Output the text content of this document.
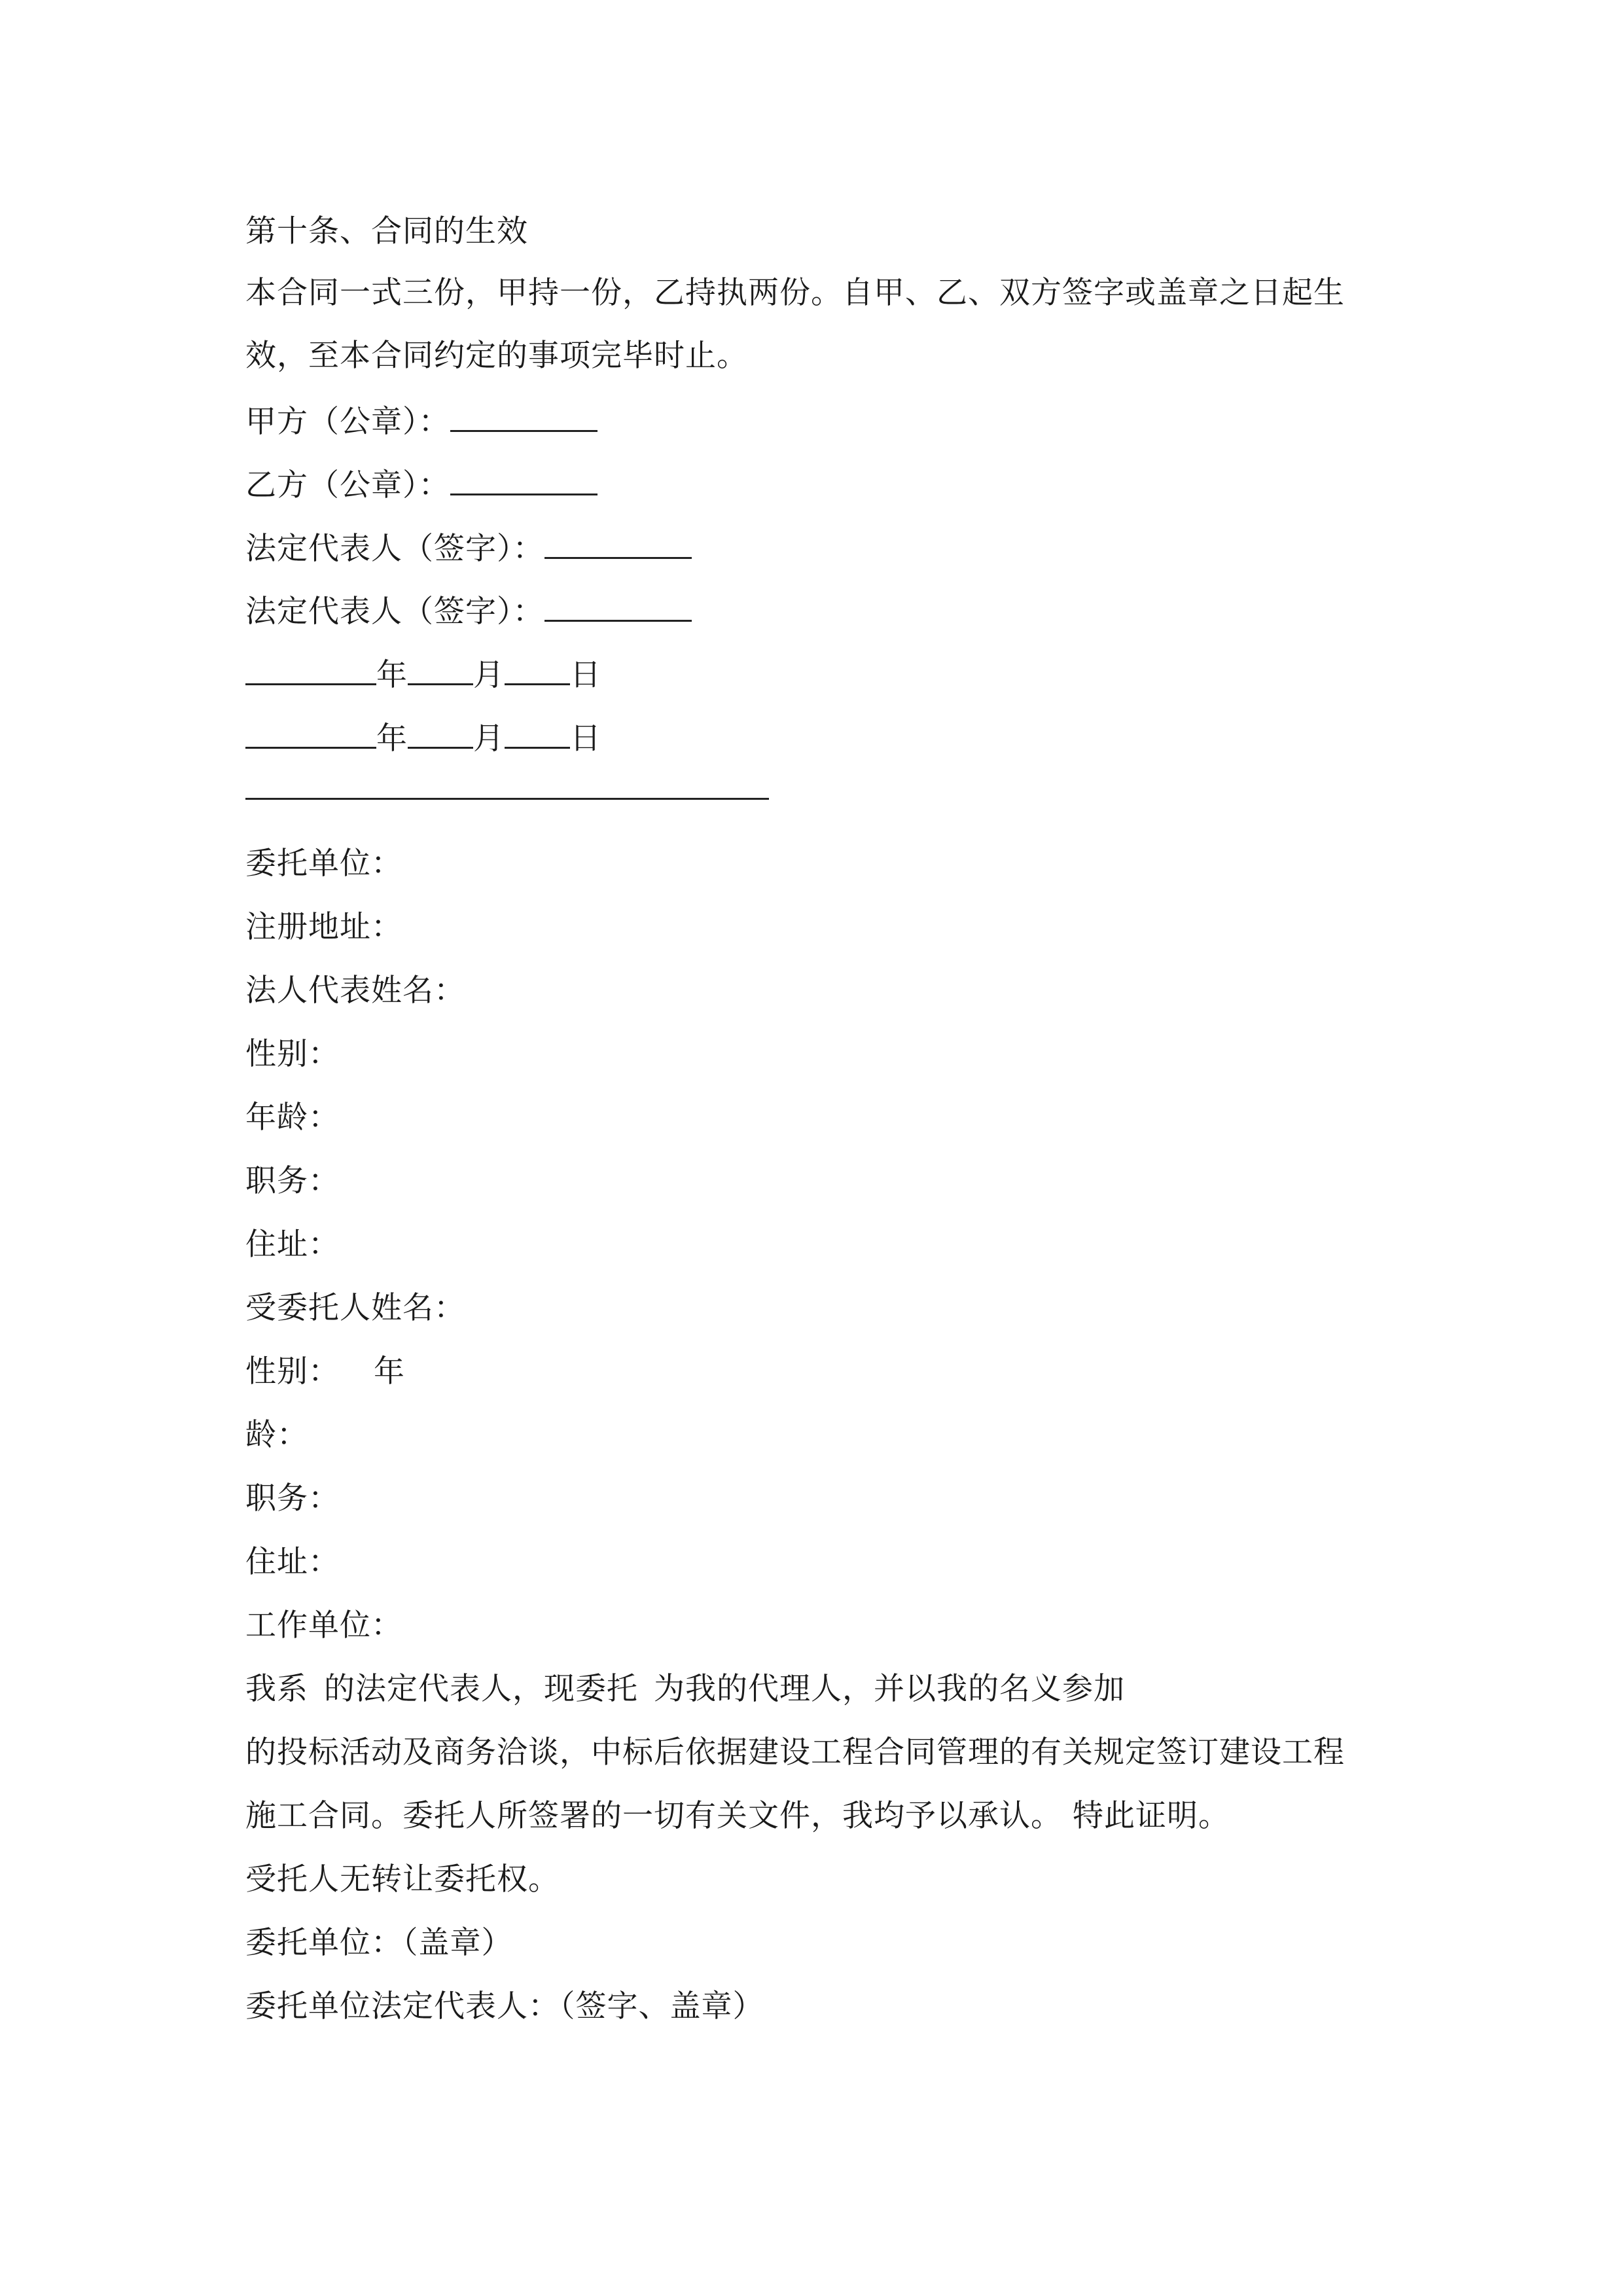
第十条、合同的生效
本合同一式三份，甲持一份，乙持执两份。自甲、乙、双方签字或盖章之日起生
效，至本合同约定的事项完毕时止。
甲方（公章）：
乙方（公章）：
法定代表人（签字）：
法定代表人（签字）：
年 月 日
年 月 日
委托单位：
注册地址：
法人代表姓名：
性别：
年龄：
职务：
住址：
受委托人姓名：
性别： 年
龄：
职务：
住址：
工作单位：
我系 的法定代表人，现委托 为我的代理人，并以我的名义参加
的投标活动及商务洽谈，中标后依据建设工程合同管理的有关规定签订建设工程
施工合同。委托人所签署的一切有关文件，我均予以承认。 特此证明。
受托人无转让委托权。
委托单位：（盖章）
委托单位法定代表人：（签字、盖章）
